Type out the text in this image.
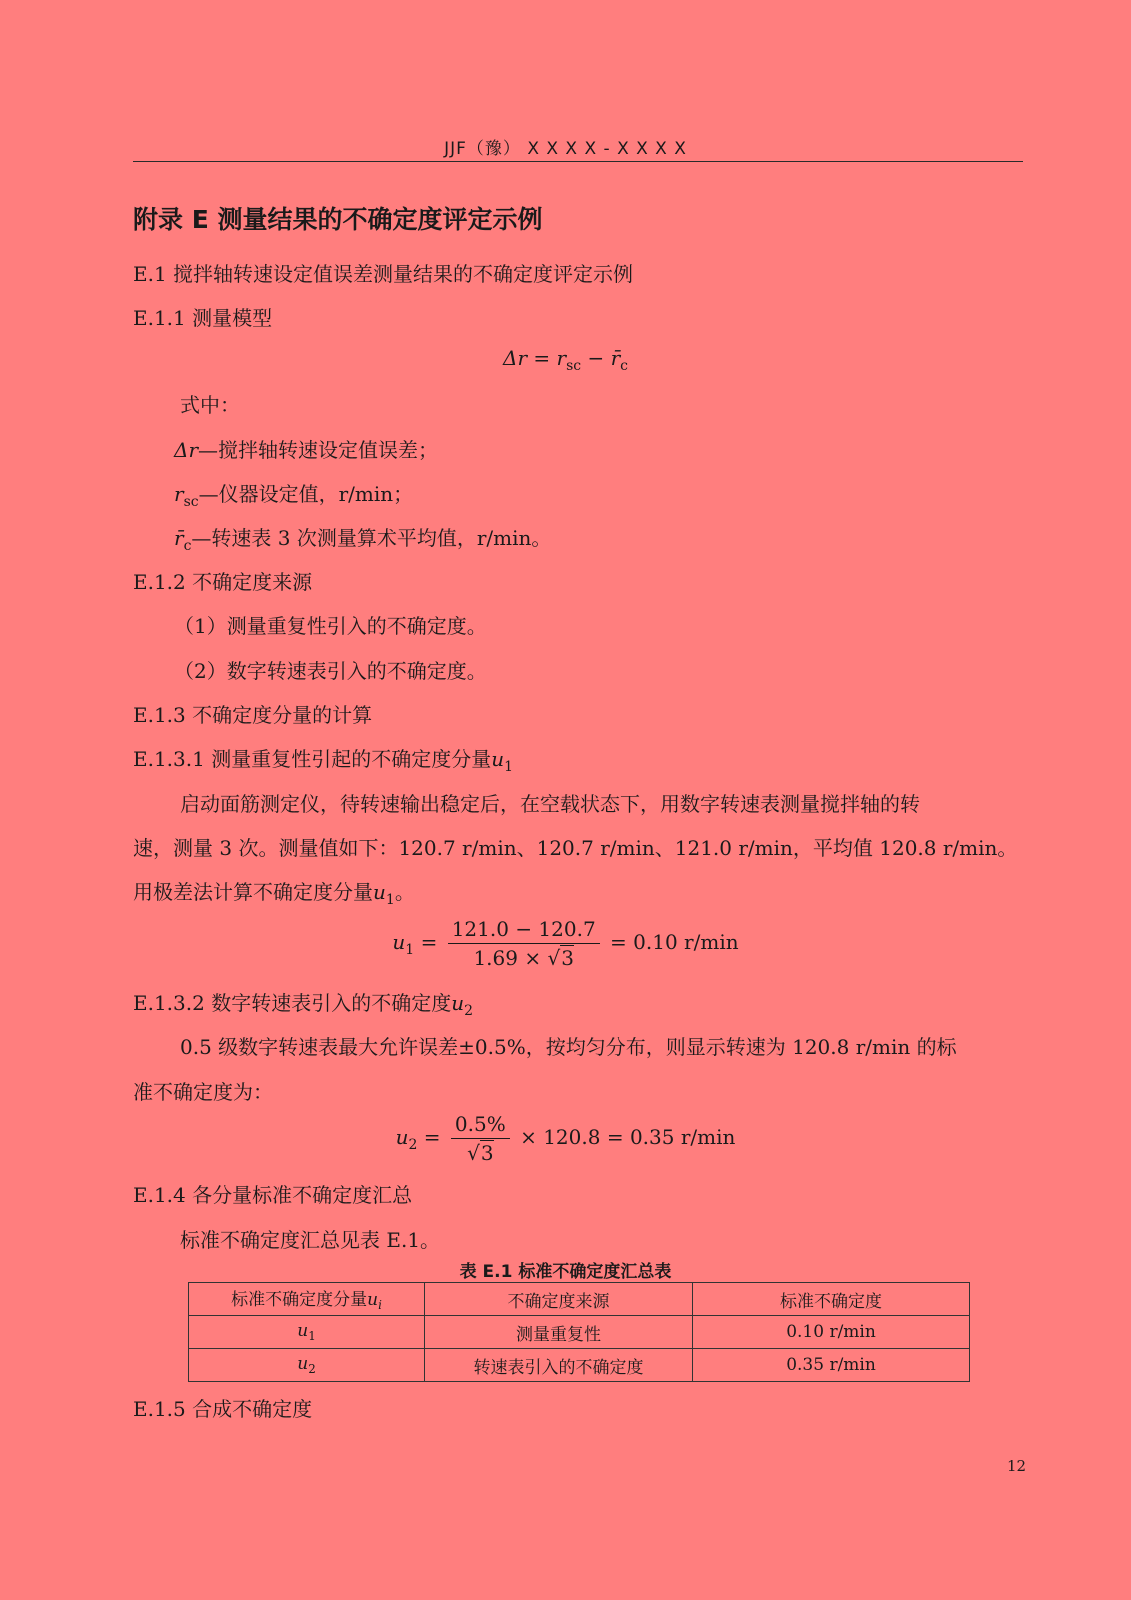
JJF（豫） X X X X - X X X X
附录 E 测量结果的不确定度评定示例
E.1 搅拌轴转速设定值误差测量结果的不确定度评定示例
E.1.1 测量模型
$\Delta r = r_{sc}$ − $r̄_c$
式中：
Δr—搅拌轴转速设定值误差；
$r_{sc}—$仪器设定值，r/min；
$r̄_c—$转速表 3 次测量算术平均值，r/min。
E.1.2 不确定度来源
（1）测量重复性引入的不确定度。
（2）数字转速表引入的不确定度。
E.1.3 不确定度分量的计算
E.1.3.1 测量重复性引起的不确定度分量$u_1$
启动面筋测定仪，待转速输出稳定后，在空载状态下，用数字转速表测量搅拌轴的转
速，测量 3 次。测量值如下：120.7 r/min、120.7 r/min、121.0 r/min，平均值 120.8 r/min。
用极差法计算不确定度分量$u_1$。
$u_1 = \frac{121.0 - 120.7}{1.69 \times √3} = 0.10$ r/min
E.1.3.2 数字转速表引入的不确定度$u_2$
0.5 级数字转速表最大允许误差±0.5%，按均匀分布，则显示转速为 120.8 r/min 的标
准不确定度为：
$u_2 = \frac{0.5\%}{√3} \times 120.8 = 0.35$ r/min
E.1.4 各分量标准不确定度汇总
标准不确定度汇总见表 E.1。
表 E.1 标准不确定度汇总表
标准不确定度分量$u_i$	不确定度来源	标准不确定度
$u_1$	测量重复性	0.10 r/min
$u_2$	转速表引入的不确定度	0.35 r/min
E.1.5 合成不确定度
12
